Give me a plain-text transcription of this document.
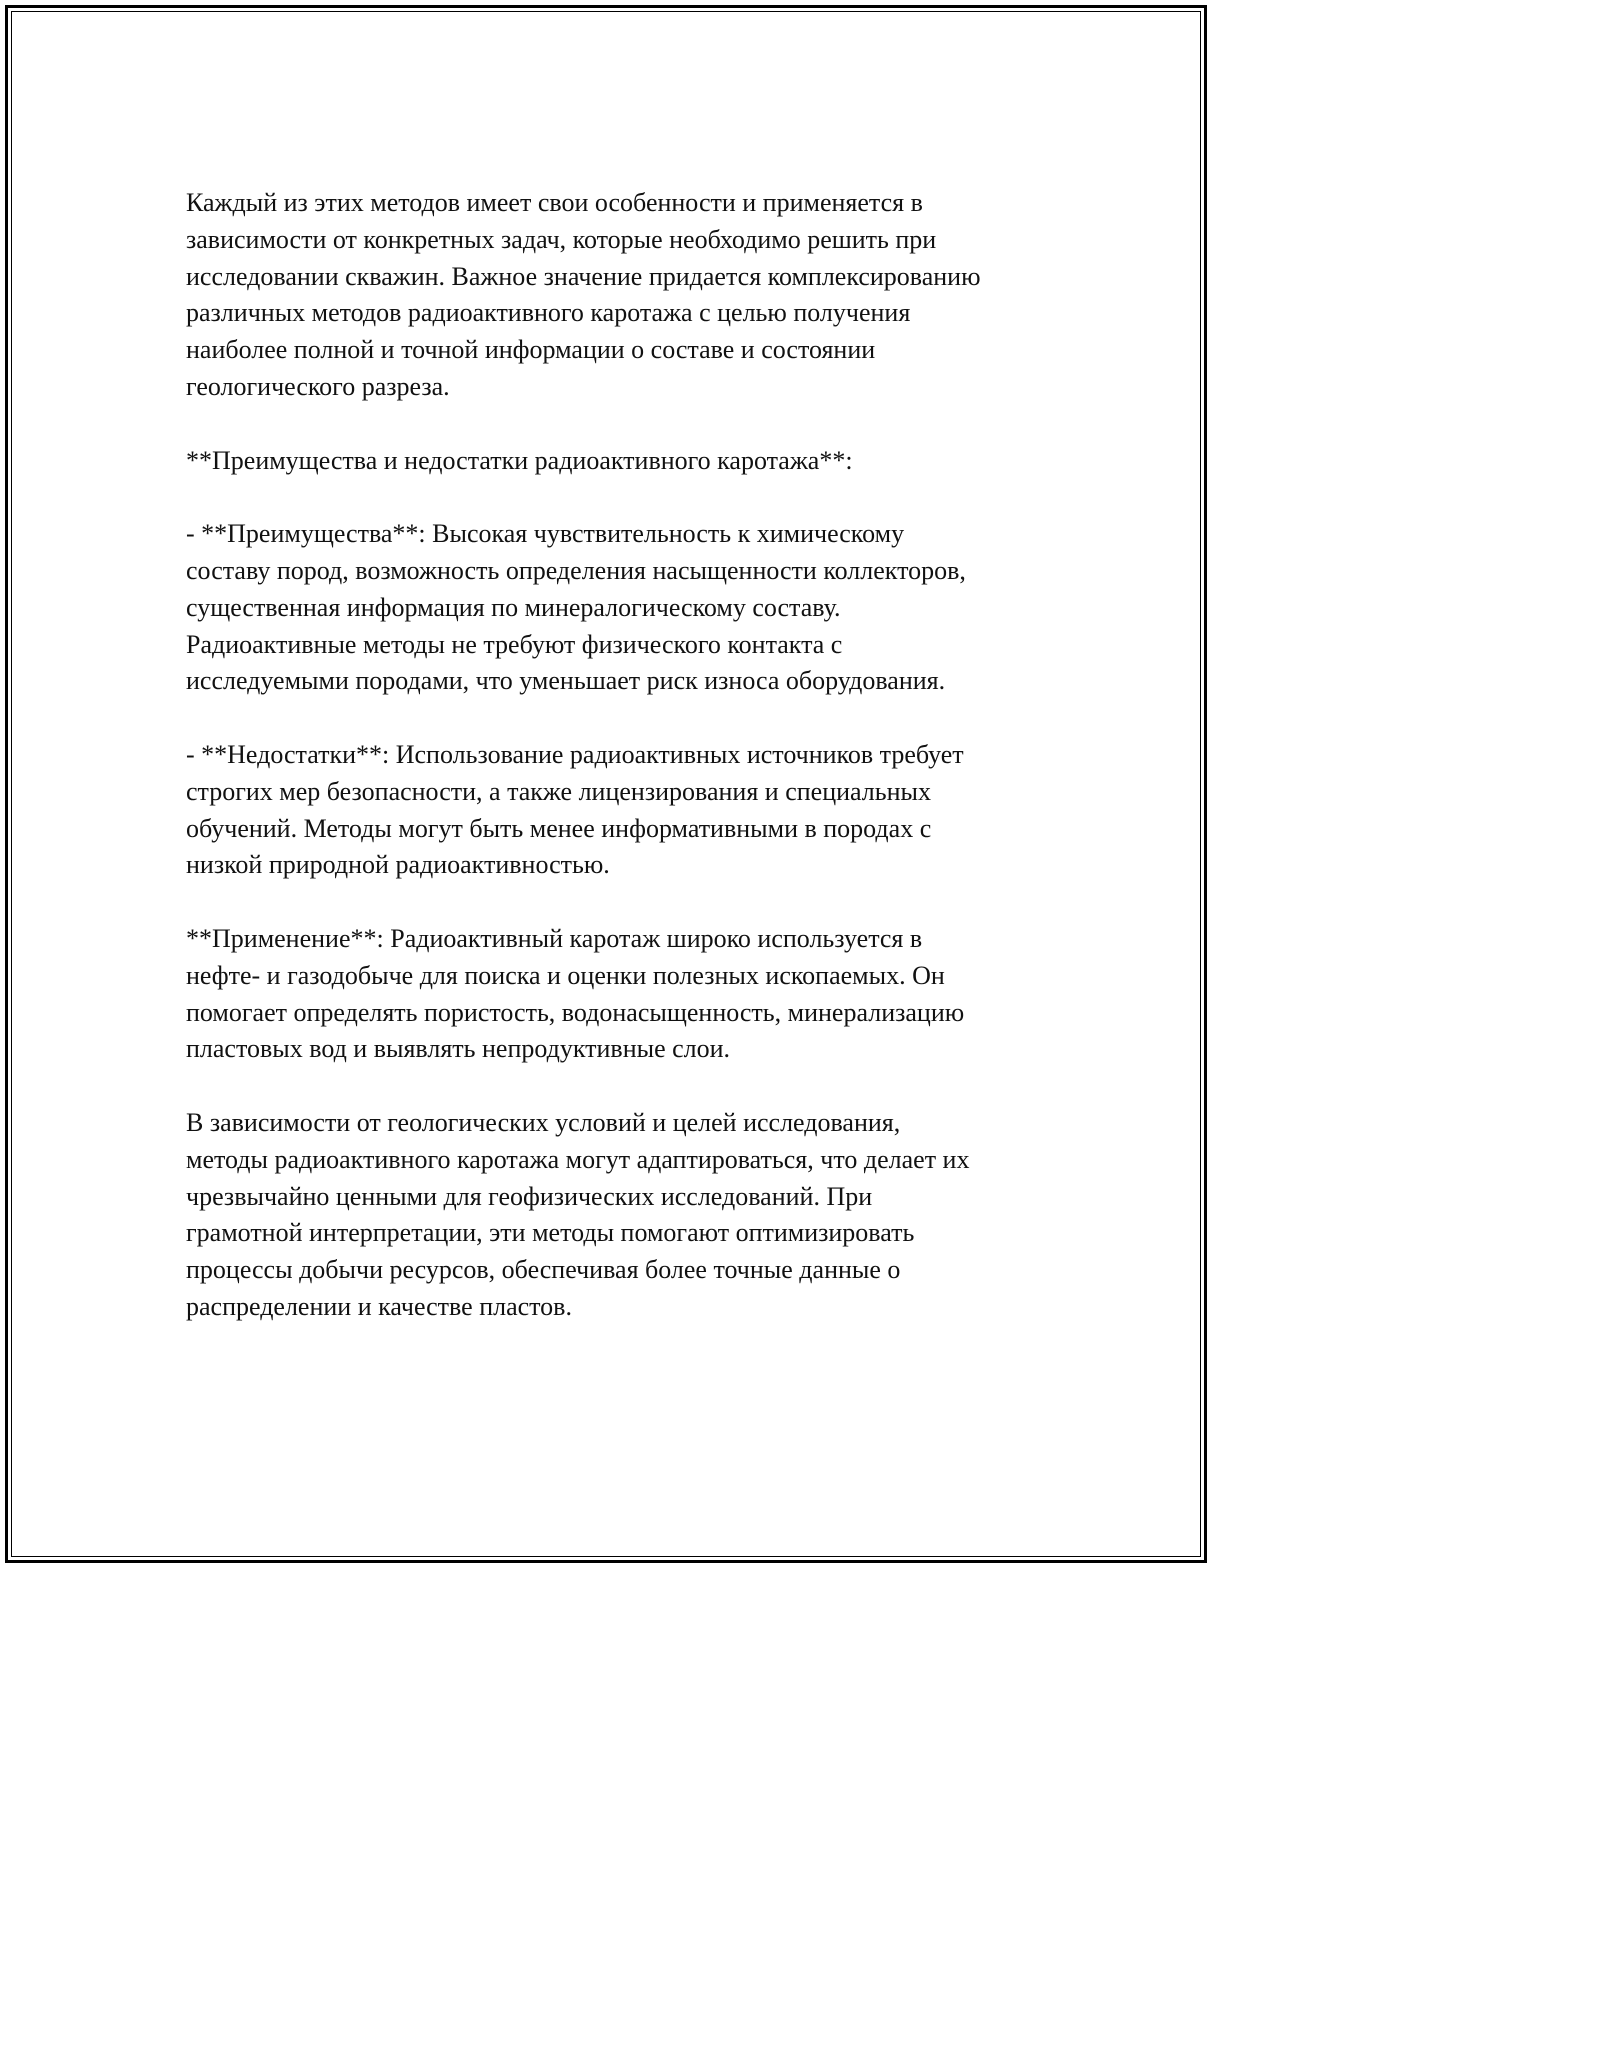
Каждый из этих методов имеет свои особенности и применяется в
зависимости от конкретных задач, которые необходимо решить при
исследовании скважин. Важное значение придается комплексированию
различных методов радиоактивного каротажа с целью получения
наиболее полной и точной информации о составе и состоянии
геологического разреза.
**Преимущества и недостатки радиоактивного каротажа**:
- **Преимущества**: Высокая чувствительность к химическому
составу пород, возможность определения насыщенности коллекторов,
существенная информация по минералогическому составу.
Радиоактивные методы не требуют физического контакта с
исследуемыми породами, что уменьшает риск износа оборудования.
- **Недостатки**: Использование радиоактивных источников требует
строгих мер безопасности, а также лицензирования и специальных
обучений. Методы могут быть менее информативными в породах с
низкой природной радиоактивностью.
**Применение**: Радиоактивный каротаж широко используется в
нефте- и газодобыче для поиска и оценки полезных ископаемых. Он
помогает определять пористость, водонасыщенность, минерализацию
пластовых вод и выявлять непродуктивные слои.
В зависимости от геологических условий и целей исследования,
методы радиоактивного каротажа могут адаптироваться, что делает их
чрезвычайно ценными для геофизических исследований. При
грамотной интерпретации, эти методы помогают оптимизировать
процессы добычи ресурсов, обеспечивая более точные данные о
распределении и качестве пластов.
